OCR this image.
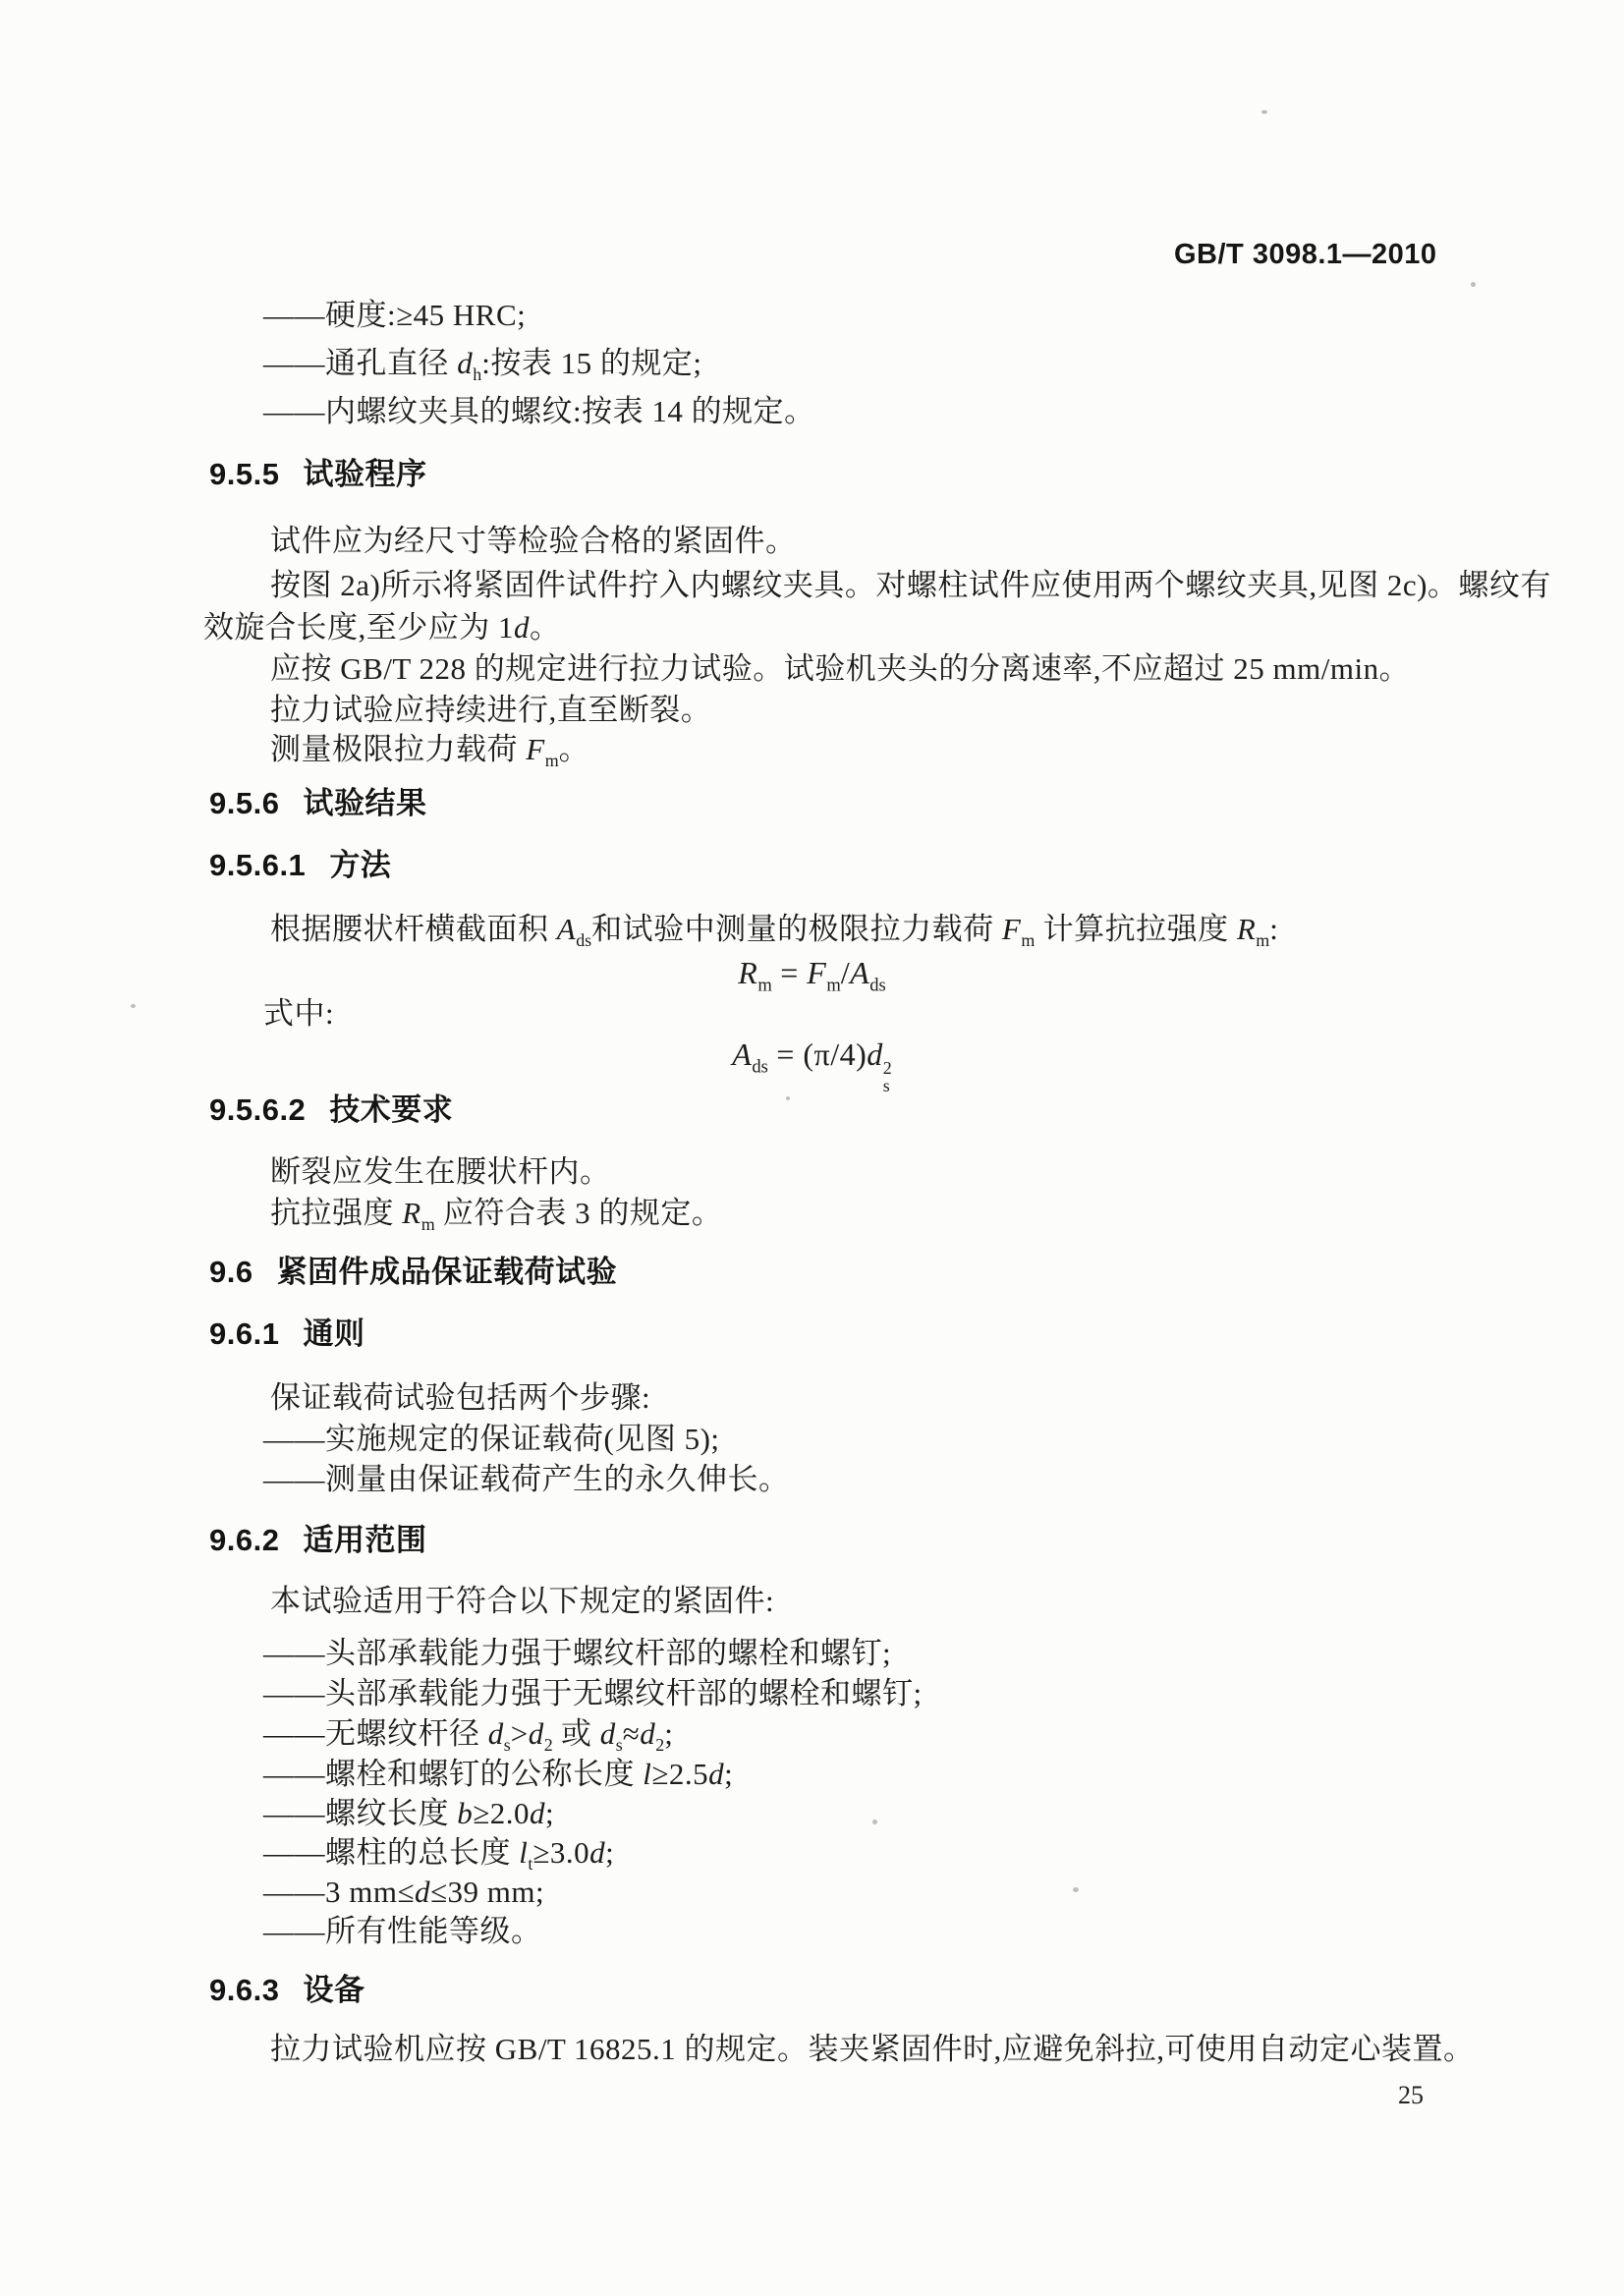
GB/T 3098.1—2010
——硬度:≥45 HRC;
——通孔直径 $d_h$:按表 15 的规定;
——内螺纹夹具的螺纹:按表 14 的规定。
9.5.5 试验程序
试件应为经尺寸等检验合格的紧固件。
按图 2a)所示将紧固件试件拧入内螺纹夹具。对螺柱试件应使用两个螺纹夹具,见图 2c)。螺纹有
效旋合长度,至少应为 1d。
应按 GB/T 228 的规定进行拉力试验。试验机夹头的分离速率,不应超过 25 mm/min。
拉力试验应持续进行,直至断裂。
测量极限拉力载荷 $F_m$。
9.5.6 试验结果
9.5.6.1 方法
根据腰状杆横截面积 $A_{ds}$和试验中测量的极限拉力载荷 $F_m$ 计算抗拉强度 $R_m$:
$R_m = F_m/A_{ds}$
式中:
$A_{ds} = (\pi/4)d$ 2
s
9.5.6.2 技术要求
断裂应发生在腰状杆内。
抗拉强度 $R_m$ 应符合表 3 的规定。
9.6 紧固件成品保证载荷试验
9.6.1 通则
保证载荷试验包括两个步骤:
——实施规定的保证载荷(见图 5);
——测量由保证载荷产生的永久伸长。
9.6.2 适用范围
本试验适用于符合以下规定的紧固件:
——头部承载能力强于螺纹杆部的螺栓和螺钉;
——头部承载能力强于无螺纹杆部的螺栓和螺钉;
——无螺纹杆径 $d_s>d_2$ 或 $d_s\approx d_2$;
——螺栓和螺钉的公称长度 l≥2.5d;
——螺纹长度 b≥2.0d;
——螺柱的总长度 $l_t\ge 3.0d$;
——3 mm≤d≤39 mm;
——所有性能等级。
9.6.3 设备
拉力试验机应按 GB/T 16825.1 的规定。装夹紧固件时,应避免斜拉,可使用自动定心装置。
25
